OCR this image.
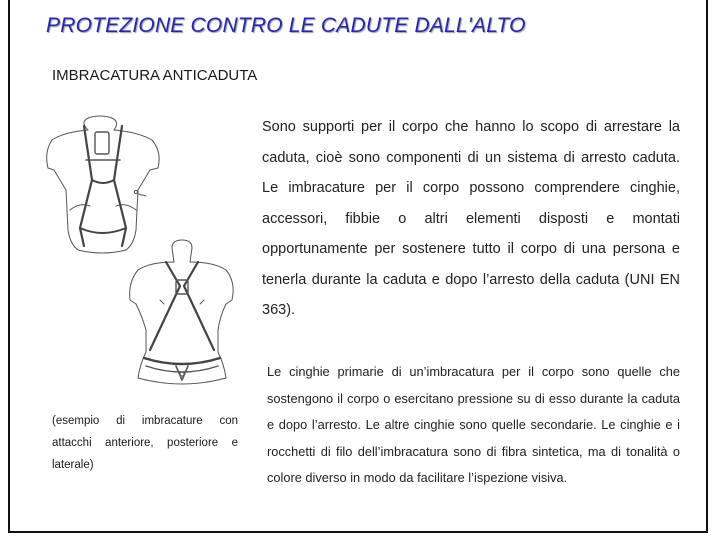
PROTEZIONE CONTRO LE CADUTE DALL'ALTO
IMBRACATURA ANTICADUTA
(esempio di imbracature con attacchi anteriore, posteriore e laterale)
Sono supporti per il corpo che hanno lo scopo di arrestare la caduta, cioè sono componenti di un sistema di arresto caduta. Le imbracature per il corpo possono comprendere cinghie, accessori, fibbie o altri elementi disposti e montati opportunamente per sostenere tutto il corpo di una persona e tenerla durante la caduta e dopo l’arresto della caduta (UNI EN 363).
Le cinghie primarie di un’imbracatura per il corpo sono quelle che sostengono il corpo o esercitano pressione su di esso durante la caduta e dopo l’arresto. Le altre cinghie sono quelle secondarie. Le cinghie e i rocchetti di filo dell’imbracatura sono di fibra sintetica, ma di tonalità o colore diverso in modo da facilitare l’ispezione visiva.
